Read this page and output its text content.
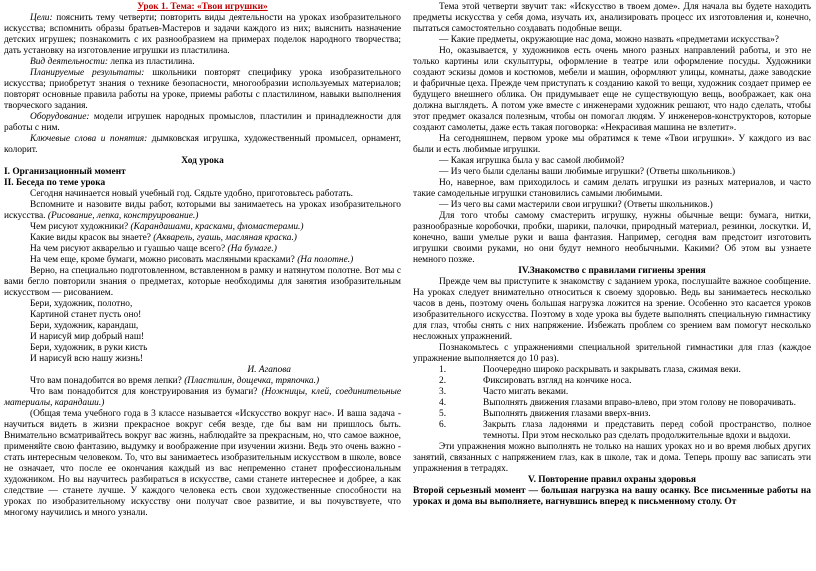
Урок 1. Тема: «Твои игрушки»

Цели: пояснить тему четверти; повторить виды деятельности на уроках изобразительного искусства; вспомнить образы братьев-Мастеров и задачи каждого из них; выяснить назначение детских игрушек; познакомить с их разнообразием на примерах поделок народного творчества; дать установку на изготовление игрушки из пластилина.

Вид деятельности: лепка из пластилина.

Планируемые результаты: школьники повторят специфику урока изобразительного искусства; приобретут знания о технике безопасности, многообразии используемых материалов; повторят основные правила работы на уроке, приемы работы с пластилином, навыки выполнения творческого задания.

Оборудование: модели игрушек народных промыслов, пластилин и принадлежности для работы с ним.

Ключевые слова и понятия: дымковская игрушка, художественный промысел, орнамент, колорит.

Ход урока

I. Организационный момент

II. Беседа по теме урока

Сегодня начинается новый учебный год. Сядьте удобно, приготовьтесь работать.

Вспомните и назовите виды работ, которыми вы занимаетесь на уроках изобразительного искусства. (Рисование, лепка, конструирование.)

Чем рисуют художники? (Карандашами, красками, фломастерами.)

Какие виды красок вы знаете? (Акварель, гуашь, масляная краска.)

На чем рисуют акварелью и гуашью чаще всего? (На бумаге.)

На чем еще, кроме бумаги, можно рисовать масляными красками? (На полотне.)

Верно, на специально подготовленном, вставленном в рамку и натянутом полотне. Вот мы с вами бегло повторили знания о предметах, которые необходимы для занятия изобразительным искусством — рисованием.

Бери, художник, полотно,

Картиной станет пусть оно!

Бери, художник, карандаш,

И нарисуй мир добрый наш!

Бери, художник, в руки кисть

И нарисуй всю нашу жизнь!

И. Агапова

Что вам понадобится во время лепки? (Пластилин, дощечка, тряпочка.)

Что вам понадобится для конструирования из бумаги? (Ножницы, клей, соединительные материалы, карандаши.)

(Общая тема учебного года в 3 классе называется «Искусство вокруг нас». И ваша задача - научиться видеть в жизни прекрасное вокруг себя везде, где бы вам ни пришлось быть. Внимательно всматривайтесь вокруг вас жизнь, наблюдайте за прекрасным, но, что самое важное, применяйте свою фантазию, выдумку и воображение при изучении жизни. Ведь это очень важно - стать интересным человеком. То, что вы занимаетесь изобразительным искусством в школе, вовсе не означает, что после ее окончания каждый из вас непременно станет профессиональным художником. Но вы научитесь разбираться в искусстве, сами станете интереснее и добрее, а как следствие — станете лучше. У каждого человека есть свои художественные способности на уроках по изобразительному искусству они получат свое развитие, и вы почувствуете, что многому научились и много узнали.

Тема этой четверти звучит так: «Искусство в твоем доме». Для начала вы будете находить предметы искусства у себя дома, изучать их, анализировать процесс их изготовления и, конечно, пытаться самостоятельно создавать подобные вещи.

— Какие предметы, окружающие нас дома, можно назвать «предметами искусства»?

Но, оказывается, у художников есть очень много разных направлений работы, и это не только картины или скульптуры, оформление в театре или оформление посуды. Художники создают эскизы домов и костюмов, мебели и машин, оформляют улицы, комнаты, даже заводские и фабричные цеха. Прежде чем приступать к созданию какой то вещи, художник создает пример ее будущего внешнего облика. Он придумывает еще не существующую вещь, воображает, как она должна выглядеть. А потом уже вместе с инженерами художник решают, что надо сделать, чтобы этот предмет оказался полезным, чтобы он помогал людям. У инженеров-конструкторов, которые создают самолеты, даже есть такая поговорка: «Некрасивая машина не взлетит».

На сегодняшнем, первом уроке мы обратимся к теме «Твои игрушки». У каждого из вас были и есть любимые игрушки.

— Какая игрушка была у вас самой любимой?

— Из чего были сделаны ваши любимые игрушки? (Ответы школьников.)

Но, наверное, вам приходилось и самим делать игрушки из разных материалов, и часто такие самодельные игрушки становились самыми любимыми.

— Из чего вы сами мастерили свои игрушки? (Ответы школьников.)

Для того чтобы самому смастерить игрушку, нужны обычные вещи: бумага, нитки, разнообразные коробочки, пробки, шарики, палочки, природный материал, резинки, лоскутки. И, конечно, ваши умелые руки и ваша фантазия. Например, сегодня вам предстоит изготовить игрушки своими руками, но они будут немного необычными. Какими? Об этом вы узнаете немного позже.

IV.Знакомство с правилами гигиены зрения

Прежде чем вы приступите к знакомству с заданием урока, послушайте важное сообщение. На уроках следует внимательно относиться к своему здоровью. Ведь вы занимаетесь несколько часов в день, поэтому очень большая нагрузка ложится на зрение. Особенно это касается уроков изобразительного искусства. Поэтому в ходе урока вы будете выполнять специальную гимнастику для глаз, чтобы снять с них напряжение. Избежать проблем со зрением вам помогут несколько несложных упражнений.

Познакомьтесь с упражнениями специальной зрительной гимнастики для глаз (каждое упражнение выполняется до 10 раз).

1.	Поочередно широко раскрывать и закрывать глаза, сжимая веки.
2.	Фиксировать взгляд на кончике носа.
3.	Часто мигать веками.
4.	Выполнять движения глазами вправо-влево, при этом голову не поворачивать.
5.	Выполнять движения глазами вверх-вниз.
6.	Закрыть глаза ладонями и представить перед собой пространство, полное темноты. При этом несколько раз сделать продолжительные вдохи и выдохи.

Эти упражнения можно выполнять не только на наших уроках но и во время любых других занятий, связанных с напряжением глаз, как в школе, так и дома. Теперь прошу вас записать эти упражнения в тетрадях.

V. Повторение правил охраны здоровья

Второй серьезный момент — большая нагрузка на вашу осанку. Все письменные работы на уроках и дома вы выполняете, нагнувшись вперед к письменному столу. От
